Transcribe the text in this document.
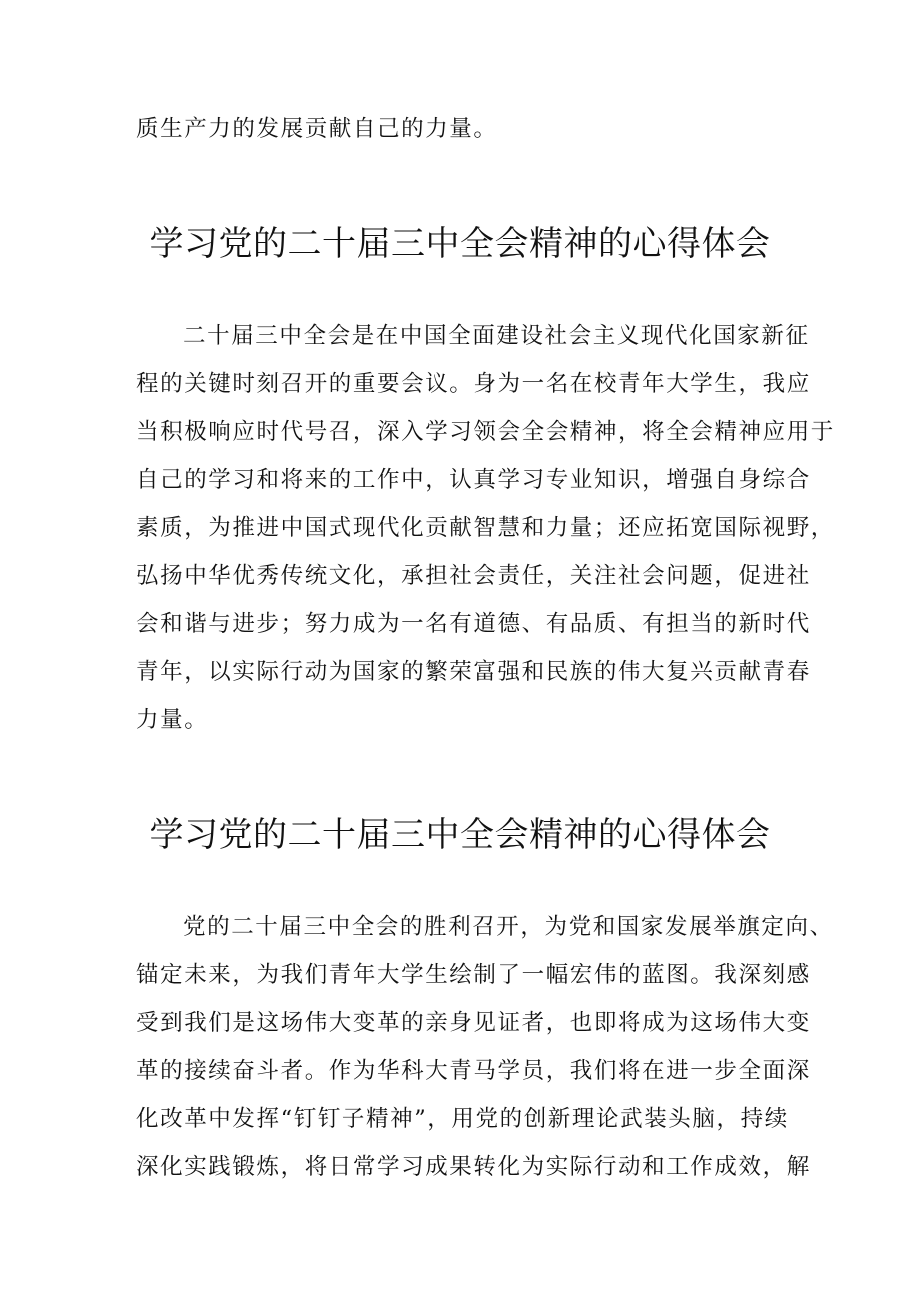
质生产力的发展贡献自己的力量。
学习党的二十届三中全会精神的心得体会
二十届三中全会是在中国全面建设社会主义现代化国家新征
程的关键时刻召开的重要会议。身为一名在校青年大学生，我应
当积极响应时代号召，深入学习领会全会精神，将全会精神应用于
自己的学习和将来的工作中，认真学习专业知识，增强自身综合
素质，为推进中国式现代化贡献智慧和力量；还应拓宽国际视野，
弘扬中华优秀传统文化，承担社会责任，关注社会问题，促进社
会和谐与进步；努力成为一名有道德、有品质、有担当的新时代
青年，以实际行动为国家的繁荣富强和民族的伟大复兴贡献青春
力量。
学习党的二十届三中全会精神的心得体会
党的二十届三中全会的胜利召开，为党和国家发展举旗定向、
锚定未来，为我们青年大学生绘制了一幅宏伟的蓝图。我深刻感
受到我们是这场伟大变革的亲身见证者，也即将成为这场伟大变
革的接续奋斗者。作为华科大青马学员，我们将在进一步全面深
化改革中发挥“钉钉子精神”，用党的创新理论武装头脑，持续
深化实践锻炼，将日常学习成果转化为实际行动和工作成效，解
